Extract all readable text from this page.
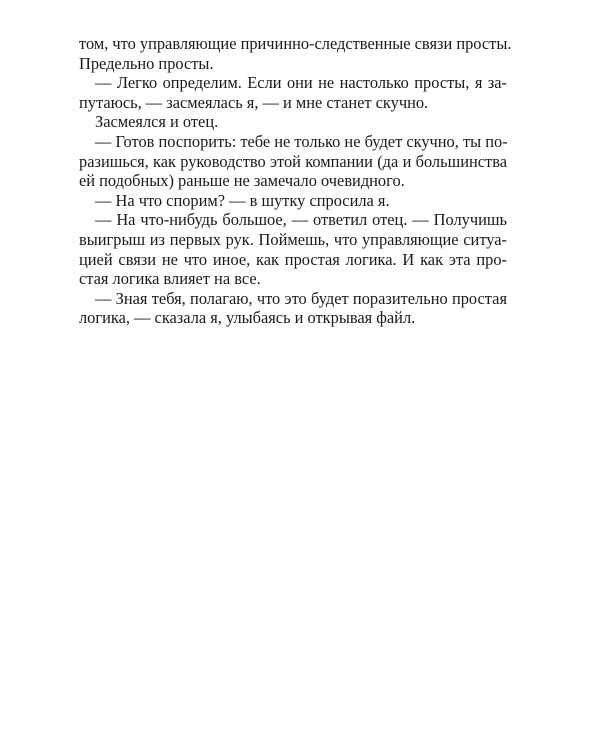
том, что управляющие причинно-следственные связи просты.
Предельно просты.
— Легко определим. Если они не настолько просты, я за-
путаюсь, — засмеялась я, — и мне станет скучно.
Засмеялся и отец.
— Готов поспорить: тебе не только не будет скучно, ты по-
разишься, как руководство этой компании (да и большинства
ей подобных) раньше не замечало очевидного.
— На что спорим? — в шутку спросила я.
— На что-нибудь большое, — ответил отец. — Получишь
выигрыш из первых рук. Поймешь, что управляющие ситуа-
цией связи не что иное, как простая логика. И как эта про-
стая логика влияет на все.
— Зная тебя, полагаю, что это будет поразительно простая
логика, — сказала я, улыбаясь и открывая файл.
